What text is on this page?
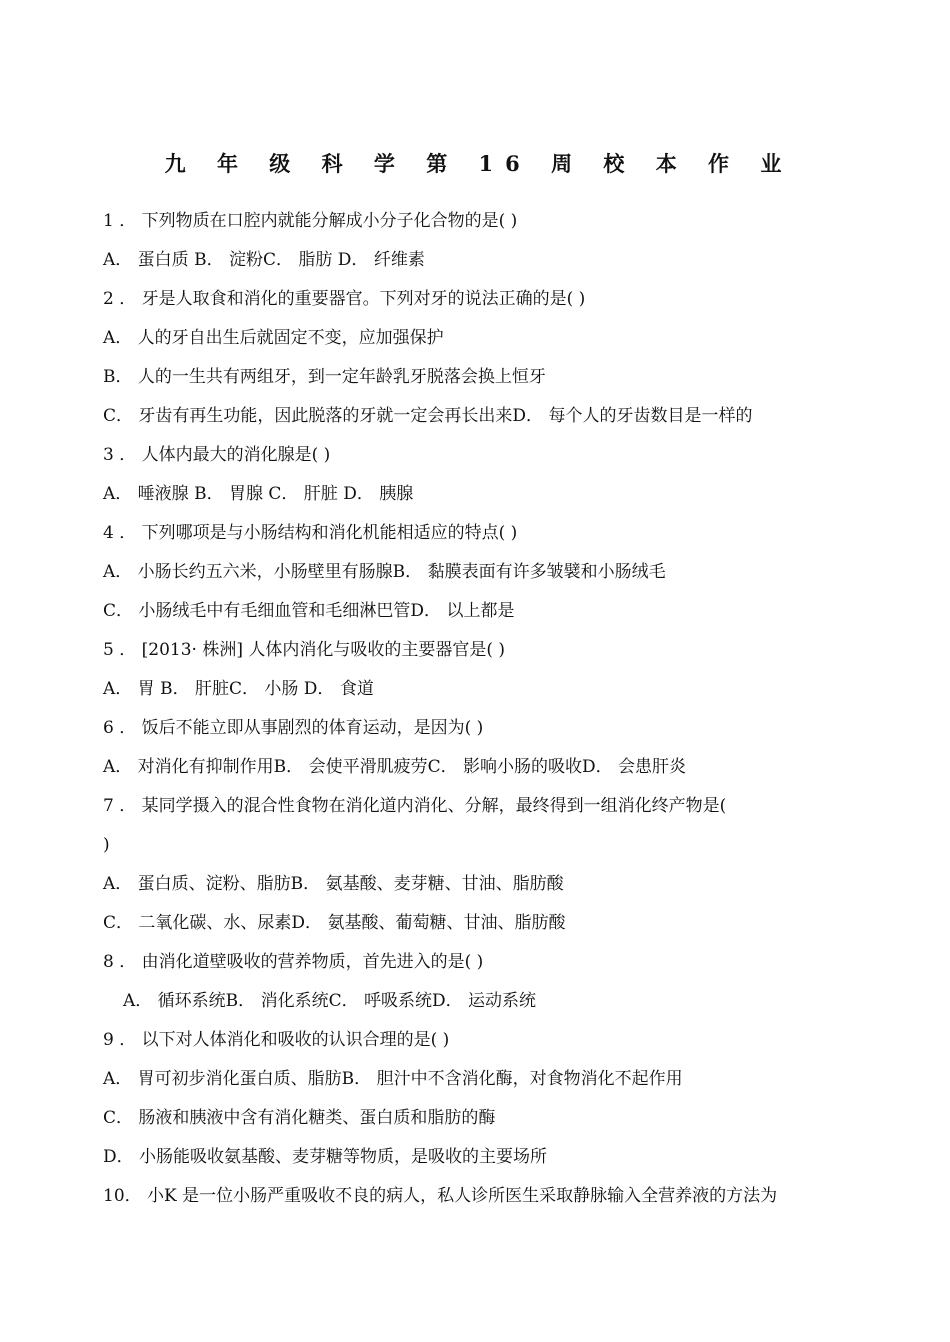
九 年 级 科 学 第 16 周 校 本 作 业
1 ． 下列物质在口腔内就能分解成小分子化合物的是( )
A． 蛋白质 B． 淀粉C． 脂肪 D． 纤维素
2 ． 牙是人取食和消化的重要器官。下列对牙的说法正确的是( )
A． 人的牙自出生后就固定不变，应加强保护
B． 人的一生共有两组牙，到一定年龄乳牙脱落会换上恒牙
C． 牙齿有再生功能，因此脱落的牙就一定会再长出来D． 每个人的牙齿数目是一样的
3 ． 人体内最大的消化腺是( )
A． 唾液腺 B． 胃腺 C． 肝脏 D． 胰腺
4 ． 下列哪项是与小肠结构和消化机能相适应的特点( )
A． 小肠长约五六米，小肠壁里有肠腺B． 黏膜表面有许多皱襞和小肠绒毛
C． 小肠绒毛中有毛细血管和毛细淋巴管D． 以上都是
5 ． [2013· 株洲] 人体内消化与吸收的主要器官是( )
A． 胃 B． 肝脏C． 小肠 D． 食道
6 ． 饭后不能立即从事剧烈的体育运动，是因为( )
A． 对消化有抑制作用B． 会使平滑肌疲劳C． 影响小肠的吸收D． 会患肝炎
7 ． 某同学摄入的混合性食物在消化道内消化、分解，最终得到一组消化终产物是(
)
A． 蛋白质、淀粉、脂肪B． 氨基酸、麦芽糖、甘油、脂肪酸
C． 二氧化碳、水、尿素D． 氨基酸、葡萄糖、甘油、脂肪酸
8 ． 由消化道壁吸收的营养物质，首先进入的是( )
A． 循环系统B． 消化系统C． 呼吸系统D． 运动系统
9 ． 以下对人体消化和吸收的认识合理的是( )
A． 胃可初步消化蛋白质、脂肪B． 胆汁中不含消化酶，对食物消化不起作用
C． 肠液和胰液中含有消化糖类、蛋白质和脂肪的酶
D． 小肠能吸收氨基酸、麦芽糖等物质，是吸收的主要场所
10． 小K 是一位小肠严重吸收不良的病人，私人诊所医生采取静脉输入全营养液的方法为
